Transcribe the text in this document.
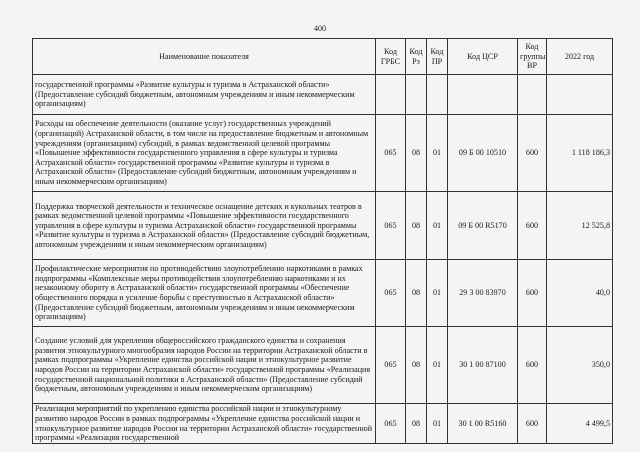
400
Наименование показателя	Код ГРБС	Код Рз	Код ПР	Код ЦСР	Код группы ВР	2022 год
государственной программы «Развитие культуры и туризма в Астраханской области» (Предоставление субсидий бюджетным, автономным учреждениям и иным некоммерческим организациям)						
Расходы на обеспечение деятельности (оказание услуг) государственных учреждений (организаций) Астраханской области, в том числе на предоставление бюджетным и автономным учреждениям (организациям) субсидий, в рамках ведомственной целевой программы «Повышение эффективности государственного управления в сфере культуры и туризма Астраханской области» государственной программы «Развитие культуры и туризма в Астраханской области» (Предоставление субсидий бюджетным, автономным учреждениям и иным некоммерческим организациям)	065	08	01	09 Б 00 10510	600	1 118 186,3
Поддержка творческой деятельности и техническое оснащение детских и кукольных театров в рамках ведомственной целевой программы «Повышение эффективности государственного управления в сфере культуры и туризма Астраханской области» государственной программы «Развитие культуры и туризма в Астраханской области» (Предоставление субсидий бюджетным, автономным учреждениям и иным некоммерческим организациям)	065	08	01	09 Б 00 R5170	600	12 525,8
Профилактические мероприятия по противодействию злоупотреблению наркотиками в рамках подпрограммы «Комплексные меры противодействия злоупотреблению наркотиками и их незаконному обороту в Астраханской области» государственной программы «Обеспечение общественного порядка и усиление борьбы с преступностью в Астраханской области» (Предоставление субсидий бюджетным, автономным учреждениям и иным некоммерческим организациям)	065	08	01	29 3 00 83970	600	40,0
Создание условий для укрепления общероссийского гражданского единства и сохранения развития этнокультурного многообразия народов России на территории Астраханской области в рамках подпрограммы «Укрепление единства российской нации и этнокультурное развитие народов России на территории Астраханской области» государственной программы «Реализация государственной национальной политики в Астраханской области» (Предоставление субсидий бюджетным, автономным учреждениям и иным некоммерческим организациям)	065	08	01	30 1 00 87100	600	350,0
Реализация мероприятий по укреплению единства российской нации и этнокультурному развитию народов России в рамках подпрограммы «Укрепление единства российской нации и этнокультурное развитие народов России на территории Астраханской области» государственной программы «Реализация государственной	065	08	01	30 1 00 R5160	600	4 499,5
